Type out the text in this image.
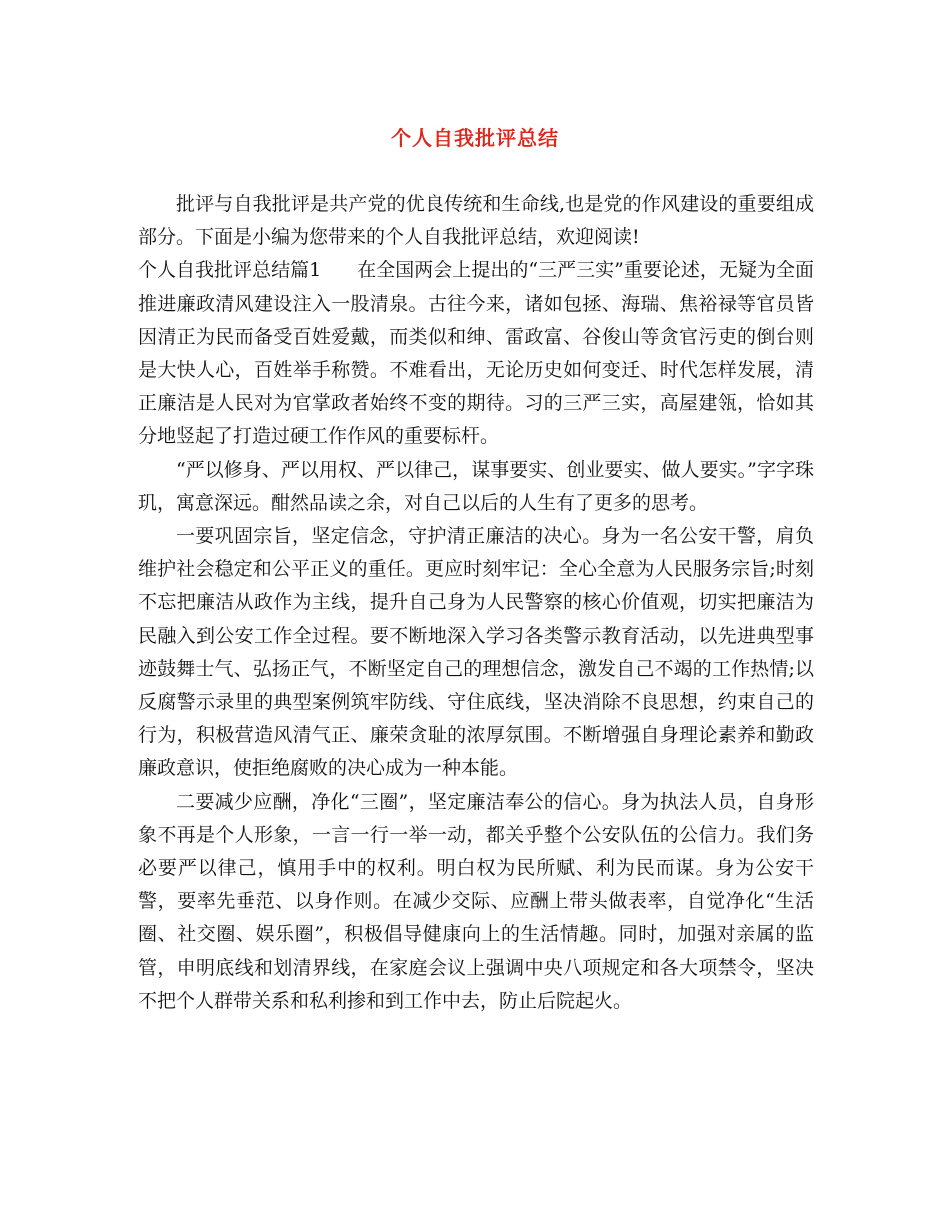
个人自我批评总结

批评与自我批评是共产党的优良传统和生命线,也是党的作风建设的重要组成部分。下面是小编为您带来的个人自我批评总结，欢迎阅读!

个人自我批评总结篇1 在全国两会上提出的“三严三实”重要论述，无疑为全面推进廉政清风建设注入一股清泉。古往今来，诸如包拯、海瑞、焦裕禄等官员皆因清正为民而备受百姓爱戴，而类似和绅、雷政富、谷俊山等贪官污吏的倒台则是大快人心，百姓举手称赞。不难看出，无论历史如何变迁、时代怎样发展，清正廉洁是人民对为官掌政者始终不变的期待。习的三严三实，高屋建瓴，恰如其分地竖起了打造过硬工作作风的重要标杆。

“严以修身、严以用权、严以律己，谋事要实、创业要实、做人要实。”字字珠玑，寓意深远。酣然品读之余，对自己以后的人生有了更多的思考。

一要巩固宗旨，坚定信念，守护清正廉洁的决心。身为一名公安干警，肩负维护社会稳定和公平正义的重任。更应时刻牢记：全心全意为人民服务宗旨;时刻不忘把廉洁从政作为主线，提升自己身为人民警察的核心价值观，切实把廉洁为民融入到公安工作全过程。要不断地深入学习各类警示教育活动，以先进典型事迹鼓舞士气、弘扬正气，不断坚定自己的理想信念，激发自己不竭的工作热情;以反腐警示录里的典型案例筑牢防线、守住底线，坚决消除不良思想，约束自己的行为，积极营造风清气正、廉荣贪耻的浓厚氛围。不断增强自身理论素养和勤政廉政意识，使拒绝腐败的决心成为一种本能。

二要减少应酬，净化“三圈”，坚定廉洁奉公的信心。身为执法人员，自身形象不再是个人形象，一言一行一举一动，都关乎整个公安队伍的公信力。我们务必要严以律己，慎用手中的权利。明白权为民所赋、利为民而谋。身为公安干警，要率先垂范、以身作则。在减少交际、应酬上带头做表率，自觉净化“生活圈、社交圈、娱乐圈”，积极倡导健康向上的生活情趣。同时，加强对亲属的监管，申明底线和划清界线，在家庭会议上强调中央八项规定和各大项禁令，坚决不把个人群带关系和私利掺和到工作中去，防止后院起火。
